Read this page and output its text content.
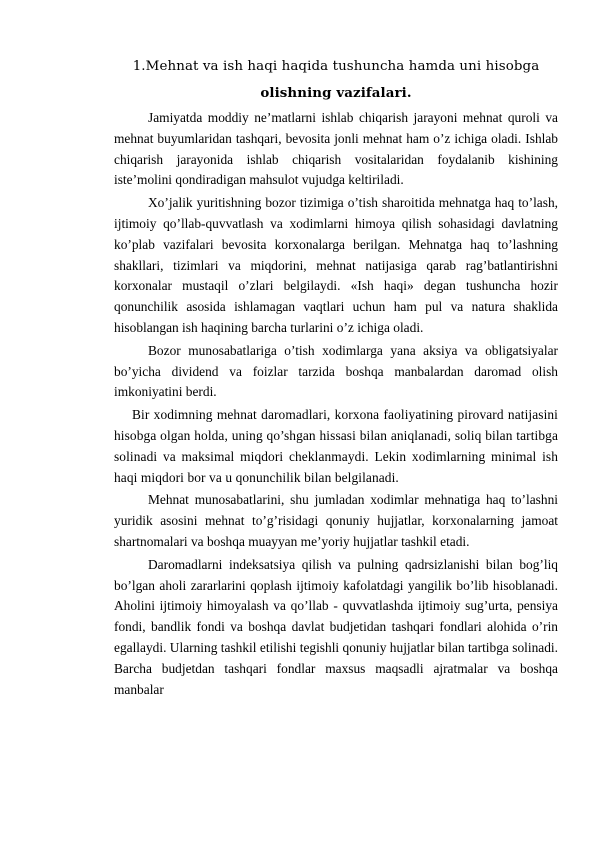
1.Mehnat va ish haqi haqida tushuncha hamda uni hisobga
olishning vazifalari.

Jamiyatda moddiy ne’matlarni ishlab chiqarish jarayoni mehnat quroli va mehnat buyumlaridan tashqari, bevosita jonli mehnat ham o’z ichiga oladi. Ishlab chiqarish jarayonida ishlab chiqarish vositalaridan foydalanib kishining iste’molini qondiradigan mahsulot vujudga keltiriladi.

Xo’jalik yuritishning bozor tizimiga o’tish sharoitida mehnatga haq to’lash, ijtimoiy qo’llab-quvvatlash va xodimlarni himoya qilish sohasidagi davlatning ko’plab vazifalari bevosita korxonalarga berilgan. Mehnatga haq to’lashning shakllari, tizimlari va miqdorini, mehnat natijasiga qarab rag’batlantirishni korxonalar mustaqil o’zlari belgilaydi. «Ish haqi» degan tushuncha hozir qonunchilik asosida ishlamagan vaqtlari uchun ham pul va natura shaklida hisoblangan ish haqining barcha turlarini o’z ichiga oladi.

Bozor munosabatlariga o’tish xodimlarga yana aksiya va obligatsiyalar bo’yicha dividend va foizlar tarzida boshqa manbalardan daromad olish imkoniyatini berdi.

Bir xodimning mehnat daromadlari, korxona faoliyatining pirovard natijasini hisobga olgan holda, uning qo’shgan hissasi bilan aniqlanadi, soliq bilan tartibga solinadi va maksimal miqdori cheklanmaydi. Lekin xodimlarning minimal ish haqi miqdori bor va u qonunchilik bilan belgilanadi.

Mehnat munosabatlarini, shu jumladan xodimlar mehnatiga haq to’lashni yuridik asosini mehnat to’g’risidagi qonuniy hujjatlar, korxonalarning jamoat shartnomalari va boshqa muayyan me’yoriy hujjatlar tashkil etadi.

Daromadlarni indeksatsiya qilish va pulning qadrsizlanishi bilan bog’liq bo’lgan aholi zararlarini qoplash ijtimoiy kafolatdagi yangilik bo’lib hisoblanadi. Aholini ijtimoiy himoyalash va qo’llab - quvvatlashda ijtimoiy sug’urta, pensiya fondi, bandlik fondi va boshqa davlat budjetidan tashqari fondlari alohida o’rin egallaydi. Ularning tashkil etilishi tegishli qonuniy hujjatlar bilan tartibga solinadi. Barcha budjetdan tashqari fondlar maxsus maqsadli ajratmalar va boshqa manbalar
